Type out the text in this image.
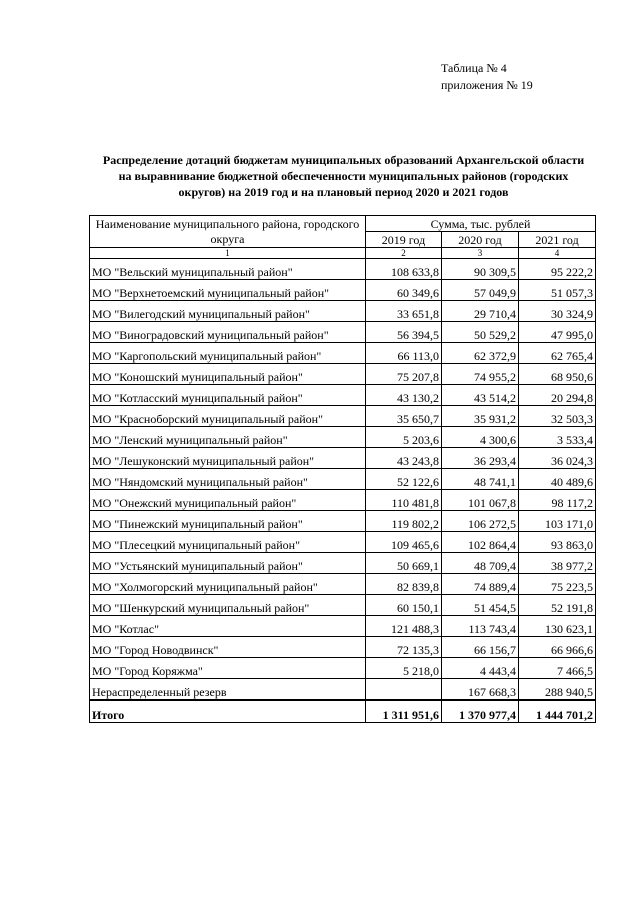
Таблица № 4
приложения № 19
Распределение дотаций бюджетам муниципальных образований Архангельской области на выравнивание бюджетной обеспеченности муниципальных районов (городских округов) на 2019 год и на плановый период 2020 и 2021 годов
Наименование муниципального района, городского округа	Сумма, тыс. рублей		
	2019 год	2020 год	2021 год
1	2	3	4
МО "Вельский муниципальный район"	108 633,8	90 309,5	95 222,2
МО "Верхнетоемский муниципальный район"	60 349,6	57 049,9	51 057,3
МО "Вилегодский муниципальный район"	33 651,8	29 710,4	30 324,9
МО "Виноградовский муниципальный район"	56 394,5	50 529,2	47 995,0
МО "Каргопольский муниципальный район"	66 113,0	62 372,9	62 765,4
МО "Коношский муниципальный район"	75 207,8	74 955,2	68 950,6
МО "Котласский муниципальный район"	43 130,2	43 514,2	20 294,8
МО "Красноборский муниципальный район"	35 650,7	35 931,2	32 503,3
МО "Ленский муниципальный район"	5 203,6	4 300,6	3 533,4
МО "Лешуконский муниципальный район"	43 243,8	36 293,4	36 024,3
МО "Няндомский муниципальный район"	52 122,6	48 741,1	40 489,6
МО "Онежский муниципальный район"	110 481,8	101 067,8	98 117,2
МО "Пинежский муниципальный район"	119 802,2	106 272,5	103 171,0
МО "Плесецкий муниципальный район"	109 465,6	102 864,4	93 863,0
МО "Устьянский муниципальный район"	50 669,1	48 709,4	38 977,2
МО "Холмогорский муниципальный район"	82 839,8	74 889,4	75 223,5
МО "Шенкурский муниципальный район"	60 150,1	51 454,5	52 191,8
МО "Котлас"	121 488,3	113 743,4	130 623,1
МО "Город Новодвинск"	72 135,3	66 156,7	66 966,6
МО "Город Коряжма"	5 218,0	4 443,4	7 466,5
Нераспределенный резерв		167 668,3	288 940,5
Итого	1 311 951,6	1 370 977,4	1 444 701,2
